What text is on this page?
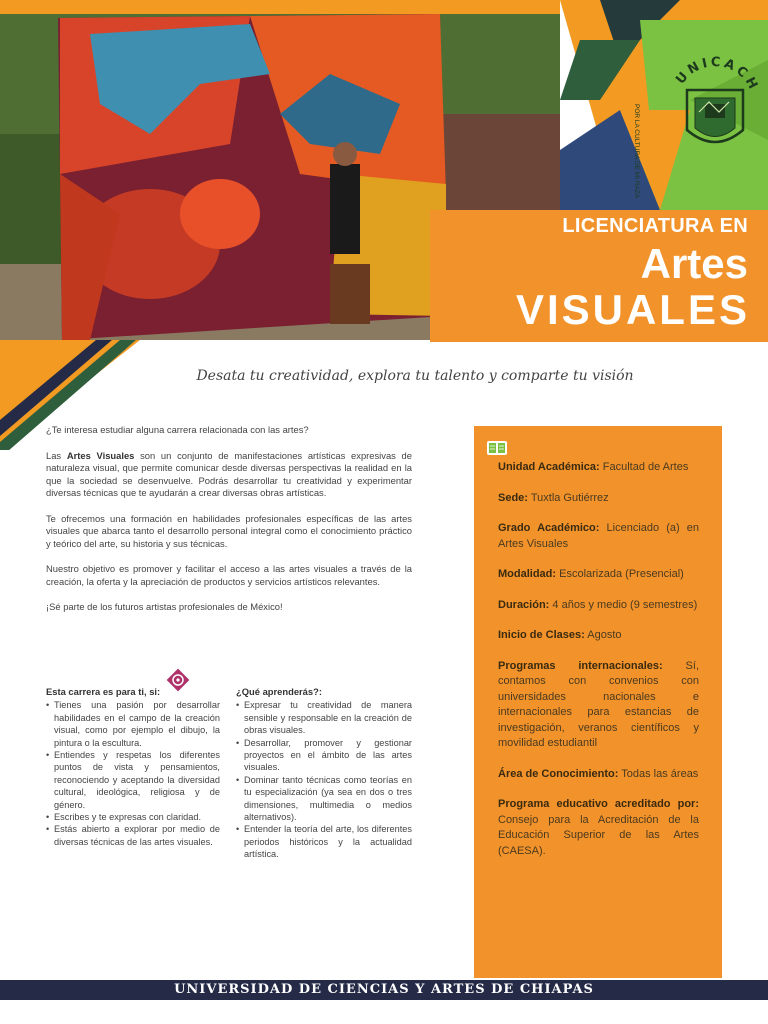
UNICACH
POR LA CULTURA DE MI RAZA
LICENCIATURA EN
Artes
VISUALES
Desata tu creatividad, explora tu talento y comparte tu visión

¿Te interesa estudiar alguna carrera relacionada con las artes?

Las Artes Visuales son un conjunto de manifestaciones artísticas expresivas de naturaleza visual, que permite comunicar desde diversas perspectivas la realidad en la que la sociedad se desenvuelve. Podrás desarrollar tu creatividad y experimentar diversas técnicas que te ayudarán a crear diversas obras artísticas.

Te ofrecemos una formación en habilidades profesionales específicas de las artes visuales que abarca tanto el desarrollo personal integral como el conocimiento práctico y teórico del arte, su historia y sus técnicas.

Nuestro objetivo es promover y facilitar el acceso a las artes visuales a través de la creación, la oferta y la apreciación de productos y servicios artísticos relevantes.

¡Sé parte de los futuros artistas profesionales de México!

Esta carrera es para ti, si:
• Tienes una pasión por desarrollar habilidades en el campo de la creación visual, como por ejemplo el dibujo, la pintura o la escultura.
• Entiendes y respetas los diferentes puntos de vista y pensamientos, reconociendo y aceptando la diversidad cultural, ideológica, religiosa y de género.
• Escribes y te expresas con claridad.
• Estás abierto a explorar por medio de diversas técnicas de las artes visuales.
¿Qué aprenderás?:
• Expresar tu creatividad de manera sensible y responsable en la creación de obras visuales.
• Desarrollar, promover y gestionar proyectos en el ámbito de las artes visuales.
• Dominar tanto técnicas como teorías en tu especialización (ya sea en dos o tres dimensiones, multimedia o medios alternativos).
• Entender la teoría del arte, los diferentes periodos históricos y la actualidad artística.

Unidad Académica: Facultad de Artes

Sede: Tuxtla Gutiérrez

Grado Académico: Licenciado (a) en Artes Visuales

Modalidad: Escolarizada (Presencial)

Duración: 4 años y medio (9 semestres)

Inicio de Clases: Agosto

Programas internacionales: Sí, contamos con convenios con universidades nacionales e internacionales para estancias de investigación, veranos científicos y movilidad estudiantil

Área de Conocimiento: Todas las áreas

Programa educativo acreditado por: Consejo para la Acreditación de la Educación Superior de las Artes (CAESA).

UNIVERSIDAD DE CIENCIAS Y ARTES DE CHIAPAS
